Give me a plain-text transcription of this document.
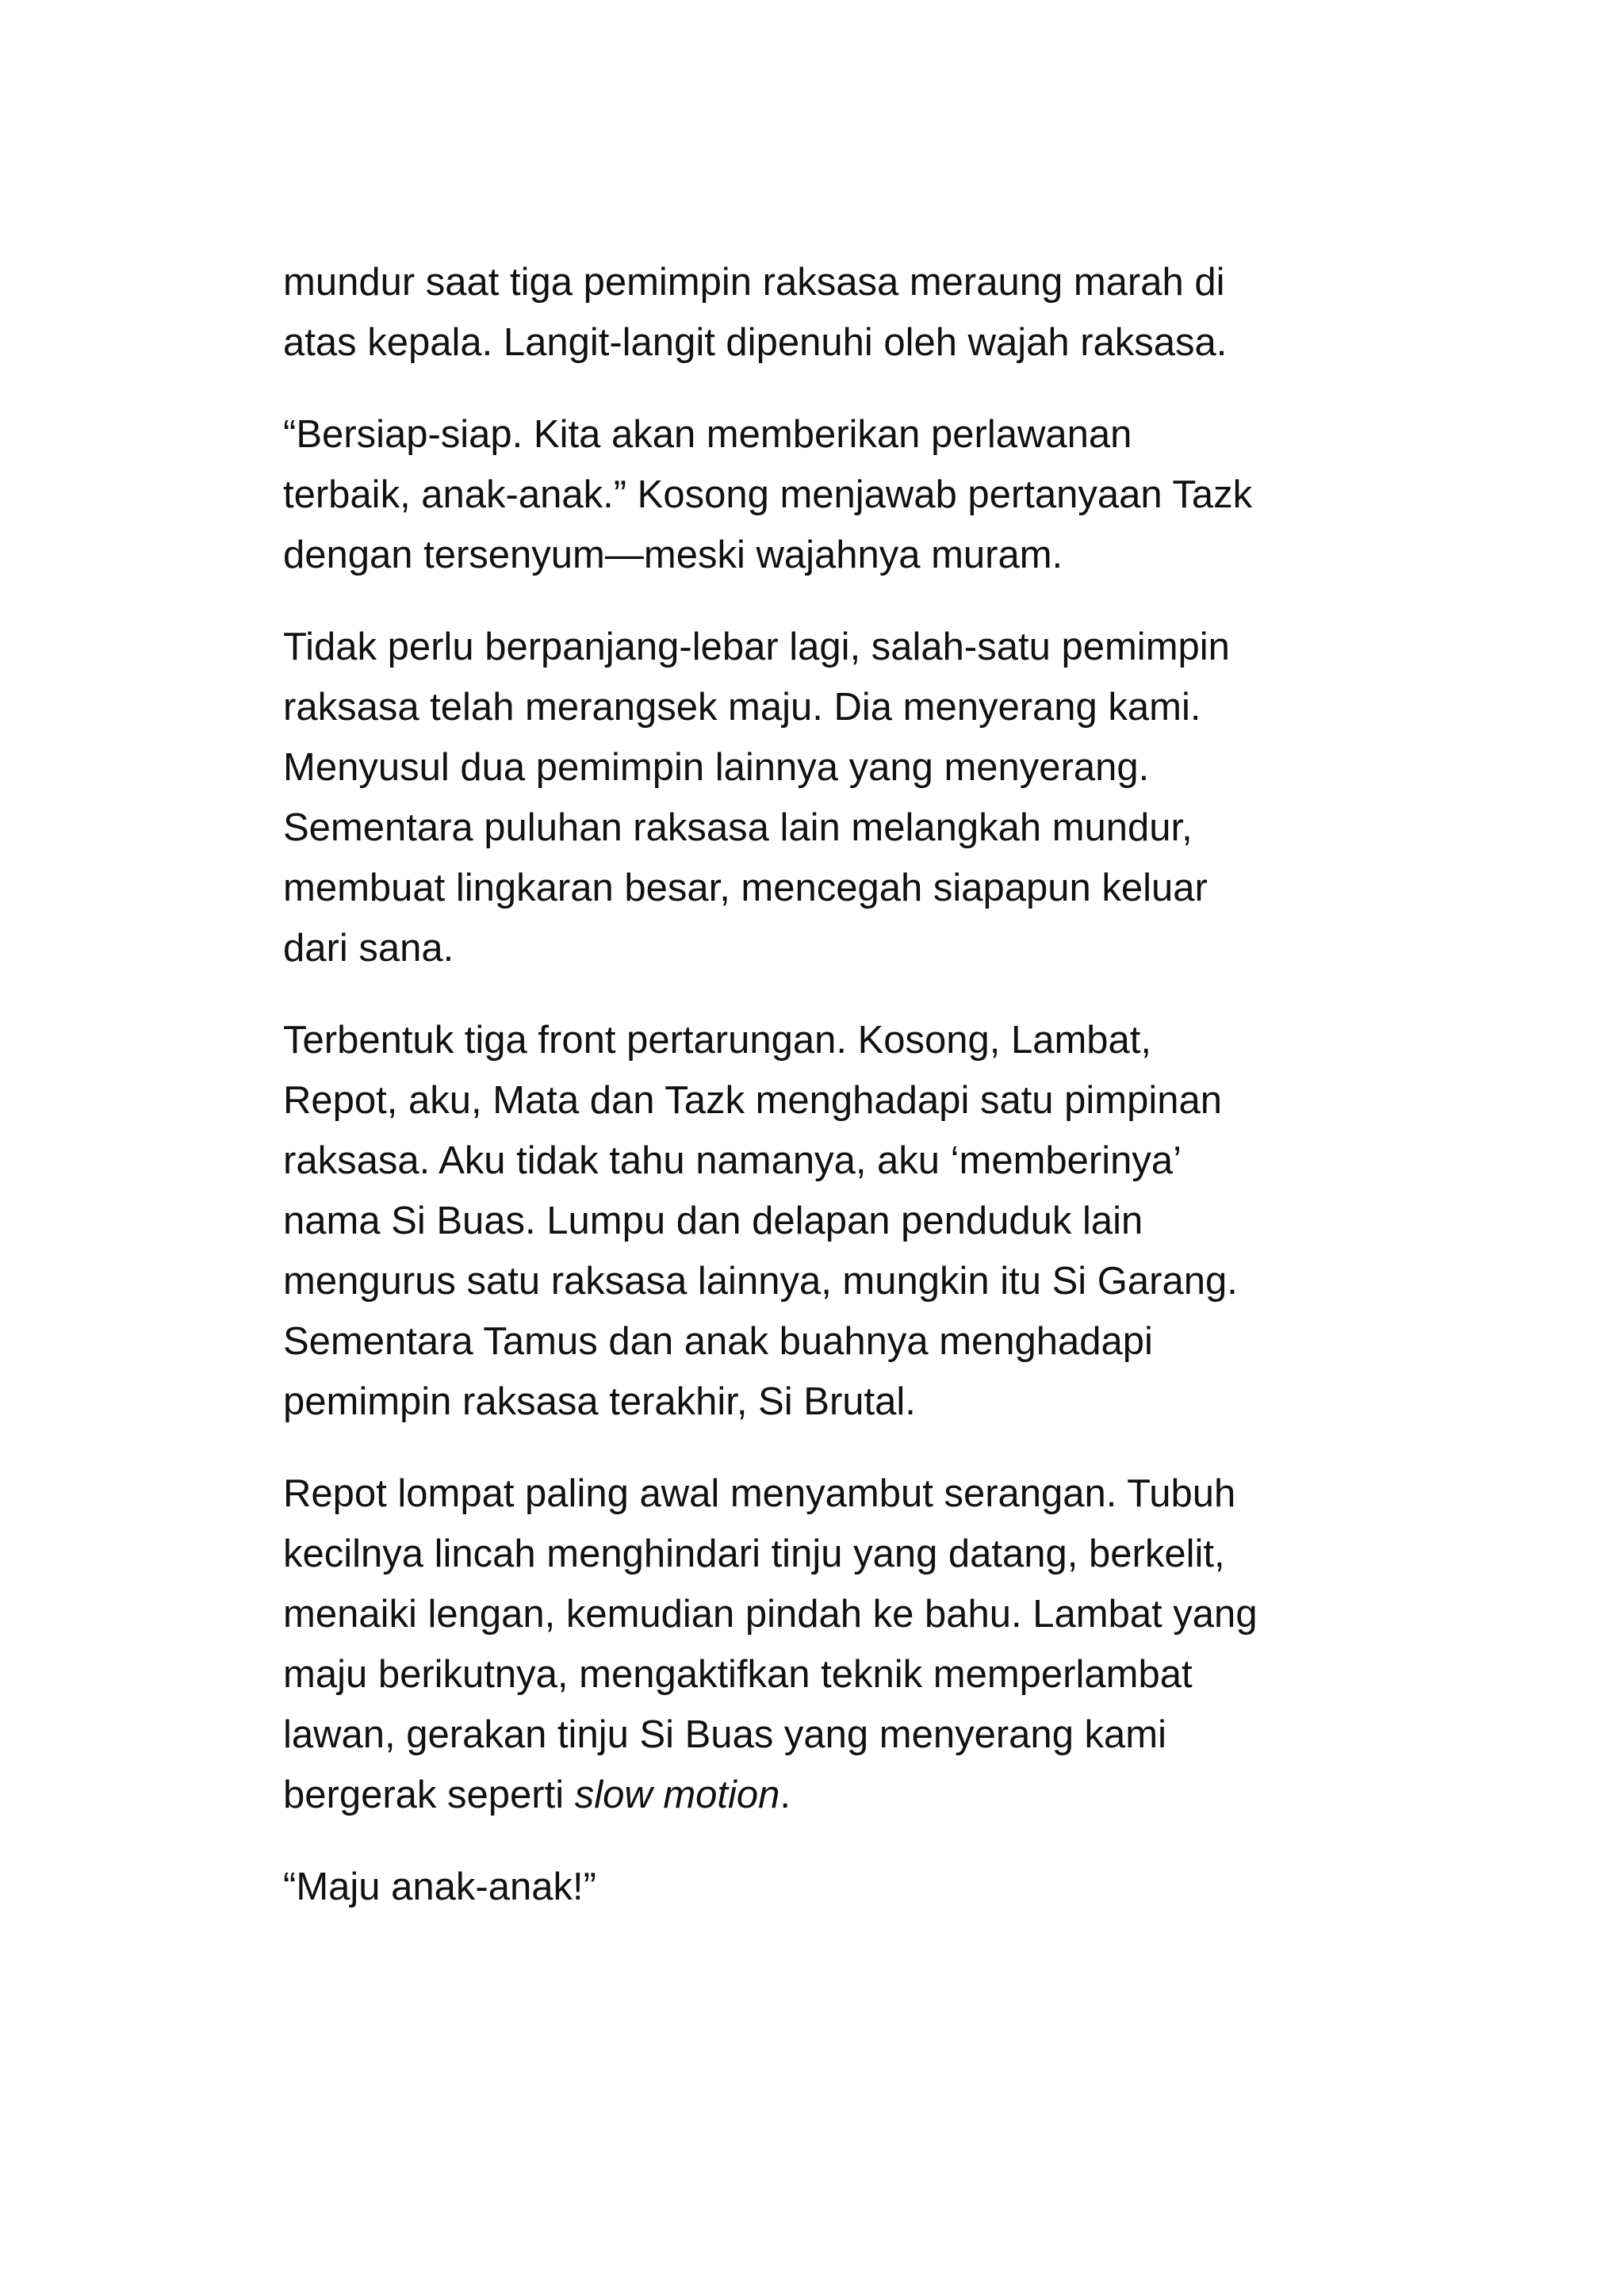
mundur saat tiga pemimpin raksasa meraung marah di
atas kepala. Langit-langit dipenuhi oleh wajah raksasa.

“Bersiap-siap. Kita akan memberikan perlawanan
terbaik, anak-anak.” Kosong menjawab pertanyaan Tazk
dengan tersenyum—meski wajahnya muram.

Tidak perlu berpanjang-lebar lagi, salah-satu pemimpin
raksasa telah merangsek maju. Dia menyerang kami.
Menyusul dua pemimpin lainnya yang menyerang.
Sementara puluhan raksasa lain melangkah mundur,
membuat lingkaran besar, mencegah siapapun keluar
dari sana.

Terbentuk tiga front pertarungan. Kosong, Lambat,
Repot, aku, Mata dan Tazk menghadapi satu pimpinan
raksasa. Aku tidak tahu namanya, aku ‘memberinya’
nama Si Buas. Lumpu dan delapan penduduk lain
mengurus satu raksasa lainnya, mungkin itu Si Garang.
Sementara Tamus dan anak buahnya menghadapi
pemimpin raksasa terakhir, Si Brutal.

Repot lompat paling awal menyambut serangan. Tubuh
kecilnya lincah menghindari tinju yang datang, berkelit,
menaiki lengan, kemudian pindah ke bahu. Lambat yang
maju berikutnya, mengaktifkan teknik memperlambat
lawan, gerakan tinju Si Buas yang menyerang kami
bergerak seperti slow motion.

“Maju anak-anak!”
